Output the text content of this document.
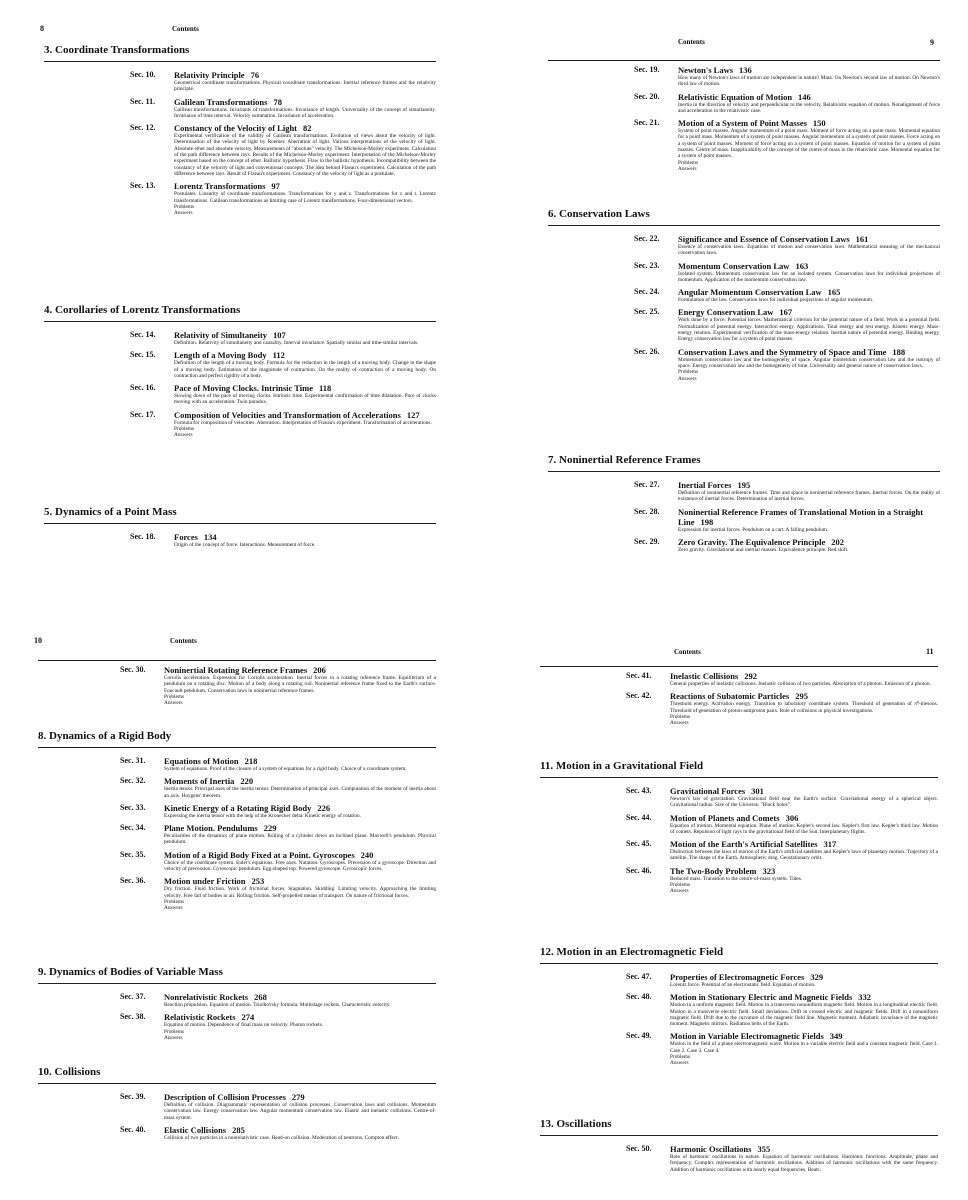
8	Contents
3. Coordinate Transformations
Sec. 10. Relativity Principle 76
Geometrical coordinate transformations. Physical coordinate transformations. Inertial reference frames and the relativity principle.
Sec. 11. Galilean Transformations 78
Galilean transformations. Invariants of transformations. Invariance of length. Universality of the concept of simultaneity. Invariance of time interval. Velocity summation. Invariance of acceleration.
Sec. 12. Constancy of the Velocity of Light 82
Experimental verification of the validity of Galilean transformations. Evolution of views about the velocity of light. Determination of the velocity of light by Roemer. Aberration of light. Various interpretations of the velocity of light. Absolute ether and absolute velocity. Measurements of "absolute" velocity. The Michelson-Morley experiment. Calculation of the path difference between rays. Results of the Michelson-Morley experiment. Interpretation of the Michelson-Morley experiment based on the concept of ether. Ballistic hypothesis. Flaw in the ballistic hypothesis. Incompatibility between the constancy of the velocity of light and conventional concepts. The idea behind Fizeau's experiment. Calculation of the path difference between rays. Result of Fizeau's experiment. Constancy of the velocity of light as a postulate.
Sec. 13. Lorentz Transformations 97
Postulates. Linearity of coordinate transformations. Transformations for y and z. Transformations for x and t. Lorentz transformations. Galilean transformations as limiting case of Lorentz transformations. Four-dimensional vectors.
Problems
Answers
4. Corollaries of Lorentz Transformations
Sec. 14. Relativity of Simultaneity 107
Definition. Relativity of simultaneity and causality. Interval invariance. Spatially similar and time-similar intervals.
Sec. 15. Length of a Moving Body 112
Definition of the length of a moving body. Formula for the reduction in the length of a moving body. Change in the shape of a moving body. Estimation of the magnitude of contraction. On the reality of contraction of a moving body. On contraction and perfect rigidity of a body.
Sec. 16. Pace of Moving Clocks. Intrinsic Time 118
Slowing down of the pace of moving clocks. Intrinsic time. Experimental confirmation of time dilatation. Pace of clocks moving with an acceleration. Twin paradox.
Sec. 17. Composition of Velocities and Transformation of Accelerations 127
Formula for composition of velocities. Aberration. Interpretation of Fizeau's experiment. Transformation of accelerations.
Problems
Answers
5. Dynamics of a Point Mass
Sec. 18. Forces 134
Origin of the concept of force. Interactions. Measurement of force.
Contents	9
Sec. 19. Newton's Laws 136
How many of Newton's laws of motion are independent in nature? Mass. On Newton's second law of motion. On Newton's third law of motion.
Sec. 20. Relativistic Equation of Motion 146
Inertia in the direction of velocity and perpendicular to the velocity. Relativistic equation of motion. Nonalignment of force and acceleration in the relativistic case.
Sec. 21. Motion of a System of Point Masses 150
System of point masses. Angular momentum of a point mass. Moment of force acting on a point mass. Momental equation for a point mass. Momentum of a system of point masses. Angular momentum of a system of point masses. Force acting on a system of point masses. Moment of force acting on a system of point masses. Equation of motion for a system of point masses. Centre of mass. Inapplicability of the concept of the centre of mass in the relativistic case. Momental equation for a system of point masses.
Problems
Answers
6. Conservation Laws
Sec. 22. Significance and Essence of Conservation Laws 161
Essence of conservation laws. Equations of motion and conservation laws. Mathematical meaning of the mechanical conservation laws.
Sec. 23. Momentum Conservation Law 163
Isolated system. Momentum conservation law for an isolated system. Conservation laws for individual projections of momentum. Application of the momentum conservation law.
Sec. 24. Angular Momentum Conservation Law 165
Formulation of the law. Conservation laws for individual projections of angular momentum.
Sec. 25. Energy Conservation Law 167
Work done by a force. Potential forces. Mathematical criterion for the potential nature of a field. Work in a potential field. Normalization of potential energy. Interaction energy. Applications. Total energy and rest energy. Kinetic energy. Mass-energy relation. Experimental verification of the mass-energy relation. Inertial nature of potential energy. Binding energy. Energy conservation law for a system of point masses.
Sec. 26. Conservation Laws and the Symmetry of Space and Time 188
Momentum conservation law and the homogeneity of space. Angular momentum conservation law and the isotropy of space. Energy conservation law and the homogeneity of time. Universality and general nature of conservation laws.
Problems
Answers
7. Noninertial Reference Frames
Sec. 27. Inertial Forces 195
Definition of noninertial reference frames. Time and space in noninertial reference frames. Inertial forces. On the reality of existence of inertial forces. Determination of inertial forces.
Sec. 28. Noninertial Reference Frames of Translational Motion in a Straight Line 198
Expression for inertial forces. Pendulum on a cart. A falling pendulum.
Sec. 29. Zero Gravity. The Equivalence Principle 202
Zero gravity. Gravitational and inertial masses. Equivalence principle. Red shift.
10	Contents
Sec. 30. Noninertial Rotating Reference Frames 206
Coriolis acceleration. Expression for Coriolis acceleration. Inertial forces in a rotating reference frame. Equilibrium of a pendulum on a rotating disc. Motion of a body along a rotating rod. Noninertial reference frame fixed to the Earth's surface. Foucault pendulum. Conservation laws in noninertial reference frames.
Problems
Answers
8. Dynamics of a Rigid Body
Sec. 31. Equations of Motion 218
System of equations. Proof of the closure of a system of equations for a rigid body. Choice of a coordinate system.
Sec. 32. Moments of Inertia 220
Inertia tensor. Principal axes of the inertia tensor. Determination of principal axes. Computation of the moment of inertia about an axis. Huygens' theorem.
Sec. 33. Kinetic Energy of a Rotating Rigid Body 226
Expressing the inertia tensor with the help of the Kronecker delta. Kinetic energy of rotation.
Sec. 34. Plane Motion. Pendulums 229
Peculiarities of the dynamics of plane motion. Rolling of a cylinder down an inclined plane. Maxwell's pendulum. Physical pendulum.
Sec. 35. Motion of a Rigid Body Fixed at a Point. Gyroscopes 240
Choice of the coordinate system. Euler's equations. Free axes. Nutation. Gyroscopes. Precession of a gyroscope. Direction and velocity of precession. Gyroscopic pendulum. Egg-shaped top. Powered gyroscope. Gyroscopic forces.
Sec. 36. Motion under Friction 253
Dry friction. Fluid friction. Work of frictional forces. Stagnation. Skidding. Limiting velocity. Approaching the limiting velocity. Free fall of bodies in air. Rolling friction. Self-propelled means of transport. On nature of frictional forces.
Problems
Answers
9. Dynamics of Bodies of Variable Mass
Sec. 37. Nonrelativistic Rockets 268
Reaction propulsion. Equation of motion. Tsiolkovsky formula. Multistage rockets. Characteristic velocity.
Sec. 38. Relativistic Rockets 274
Equation of motion. Dependence of final mass on velocity. Photon rockets.
Problems
Answers
10. Collisions
Sec. 39. Description of Collision Processes 279
Definition of collision. Diagrammatic representation of collision processes. Conservation laws and collisions. Momentum conservation law. Energy conservation law. Angular momentum conservation law. Elastic and inelastic collisions. Centre-of-mass system.
Sec. 40. Elastic Collisions 285
Collision of two particles in a nonrelativistic case. Head-on collision. Moderation of neutrons. Compton effect.
Contents	11
Sec. 41. Inelastic Collisions 292
General properties of inelastic collisions. Inelastic collision of two particles. Absorption of a photon. Emission of a photon.
Sec. 42. Reactions of Subatomic Particles 295
Threshold energy. Activation energy. Transition to laboratory coordinate system. Threshold of generation of π⁰-mesons. Threshold of generation of proton-antiproton pairs. Role of collisions in physical investigations.
Problems
Answers
11. Motion in a Gravitational Field
Sec. 43. Gravitational Forces 301
Newton's law of gravitation. Gravitational field near the Earth's surface. Gravitational energy of a spherical object. Gravitational radius. Size of the Universe. "Black holes".
Sec. 44. Motion of Planets and Comets 306
Equation of motion. Momental equation. Plane of motion. Kepler's second law. Kepler's first law. Kepler's third law. Motion of comets. Repulsion of light rays in the gravitational field of the Sun. Interplanetary flights.
Sec. 45. Motion of the Earth's Artificial Satellites 317
Distinction between the laws of motion of the Earth's artificial satellites and Kepler's laws of planetary motion. Trajectory of a satellite. The shape of the Earth. Atmospheric drag. Geostationary orbit.
Sec. 46. The Two-Body Problem 323
Reduced mass. Transition to the centre-of-mass system. Tides.
Problems
Answers
12. Motion in an Electromagnetic Field
Sec. 47. Properties of Electromagnetic Forces 329
Lorentz force. Potential of an electrostatic field. Equation of motion.
Sec. 48. Motion in Stationary Electric and Magnetic Fields 332
Motion in a uniform magnetic field. Motion in a transverse nonuniform magnetic field. Motion in a longitudinal electric field. Motion in a transverse electric field. Small deviations. Drift in crossed electric and magnetic fields. Drift in a nonuniform magnetic field. Drift due to the curvature of the magnetic field line. Magnetic moment. Adiabatic invariance of the magnetic moment. Magnetic mirrors. Radiation belts of the Earth.
Sec. 49. Motion in Variable Electromagnetic Fields 349
Motion in the field of a plane electromagnetic wave. Motion in a variable electric field and a constant magnetic field. Case 1. Case 2. Case 3. Case 4.
Problems
Answers
13. Oscillations
Sec. 50. Harmonic Oscillations 355
Role of harmonic oscillations in nature. Equation of harmonic oscillations. Harmonic functions. Amplitude, phase and frequency. Complex representation of harmonic oscillations. Addition of harmonic oscillations with the same frequency. Addition of harmonic oscillations with nearly equal frequencies. Beats.
